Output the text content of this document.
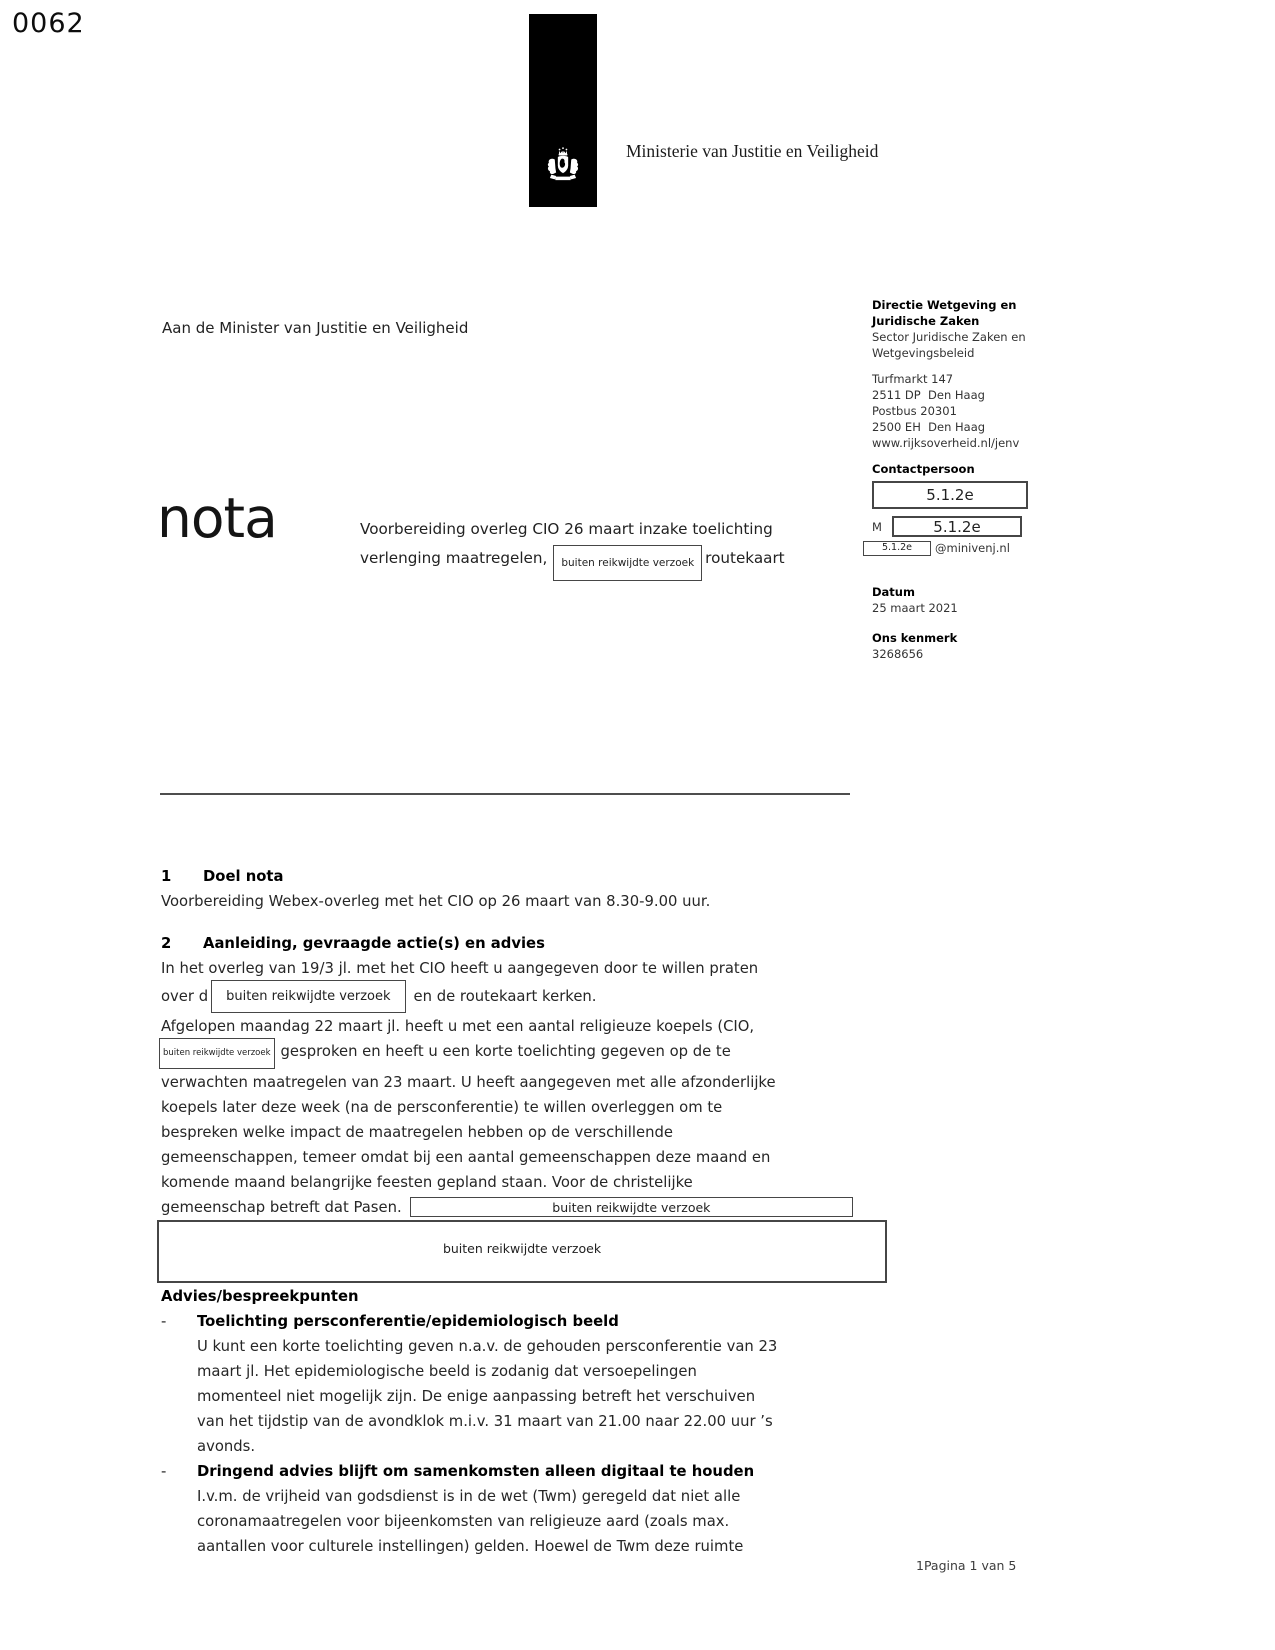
0062
Ministerie van Justitie en Veiligheid
Aan de Minister van Justitie en Veiligheid
Directie Wetgeving en
Juridische Zaken
Sector Juridische Zaken en
Wetgevingsbeleid
Turfmarkt 147
2511 DP  Den Haag
Postbus 20301
2500 EH  Den Haag
www.rijksoverheid.nl/jenv
Contactpersoon
5.1.2e
M	5.1.2e
5.1.2e	@minivenj.nl
Datum
25 maart 2021
Ons kenmerk
3268656
nota	Voorbereiding overleg CIO 26 maart inzake toelichting
verlenging maatregelen, buiten reikwijdte verzoek routekaart
1 Doel nota
Voorbereiding Webex-overleg met het CIO op 26 maart van 8.30-9.00 uur.
2 Aanleiding, gevraagde actie(s) en advies
In het overleg van 19/3 jl. met het CIO heeft u aangegeven door te willen praten
over d buiten reikwijdte verzoek en de routekaart kerken.
Afgelopen maandag 22 maart jl. heeft u met een aantal religieuze koepels (CIO,
buiten reikwijdte verzoek gesproken en heeft u een korte toelichting gegeven op de te
verwachten maatregelen van 23 maart. U heeft aangegeven met alle afzonderlijke
koepels later deze week (na de persconferentie) te willen overleggen om te
bespreken welke impact de maatregelen hebben op de verschillende
gemeenschappen, temeer omdat bij een aantal gemeenschappen deze maand en
komende maand belangrijke feesten gepland staan. Voor de christelijke
gemeenschap betreft dat Pasen.	buiten reikwijdte verzoek
buiten reikwijdte verzoek
Advies/bespreekpunten
-	Toelichting persconferentie/epidemiologisch beeld
U kunt een korte toelichting geven n.a.v. de gehouden persconferentie van 23
maart jl. Het epidemiologische beeld is zodanig dat versoepelingen
momenteel niet mogelijk zijn. De enige aanpassing betreft het verschuiven
van het tijdstip van de avondklok m.i.v. 31 maart van 21.00 naar 22.00 uur ’s
avonds.
-	Dringend advies blijft om samenkomsten alleen digitaal te houden
I.v.m. de vrijheid van godsdienst is in de wet (Twm) geregeld dat niet alle
coronamaatregelen voor bijeenkomsten van religieuze aard (zoals max.
aantallen voor culturele instellingen) gelden. Hoewel de Twm deze ruimte
1Pagina 1 van 5
